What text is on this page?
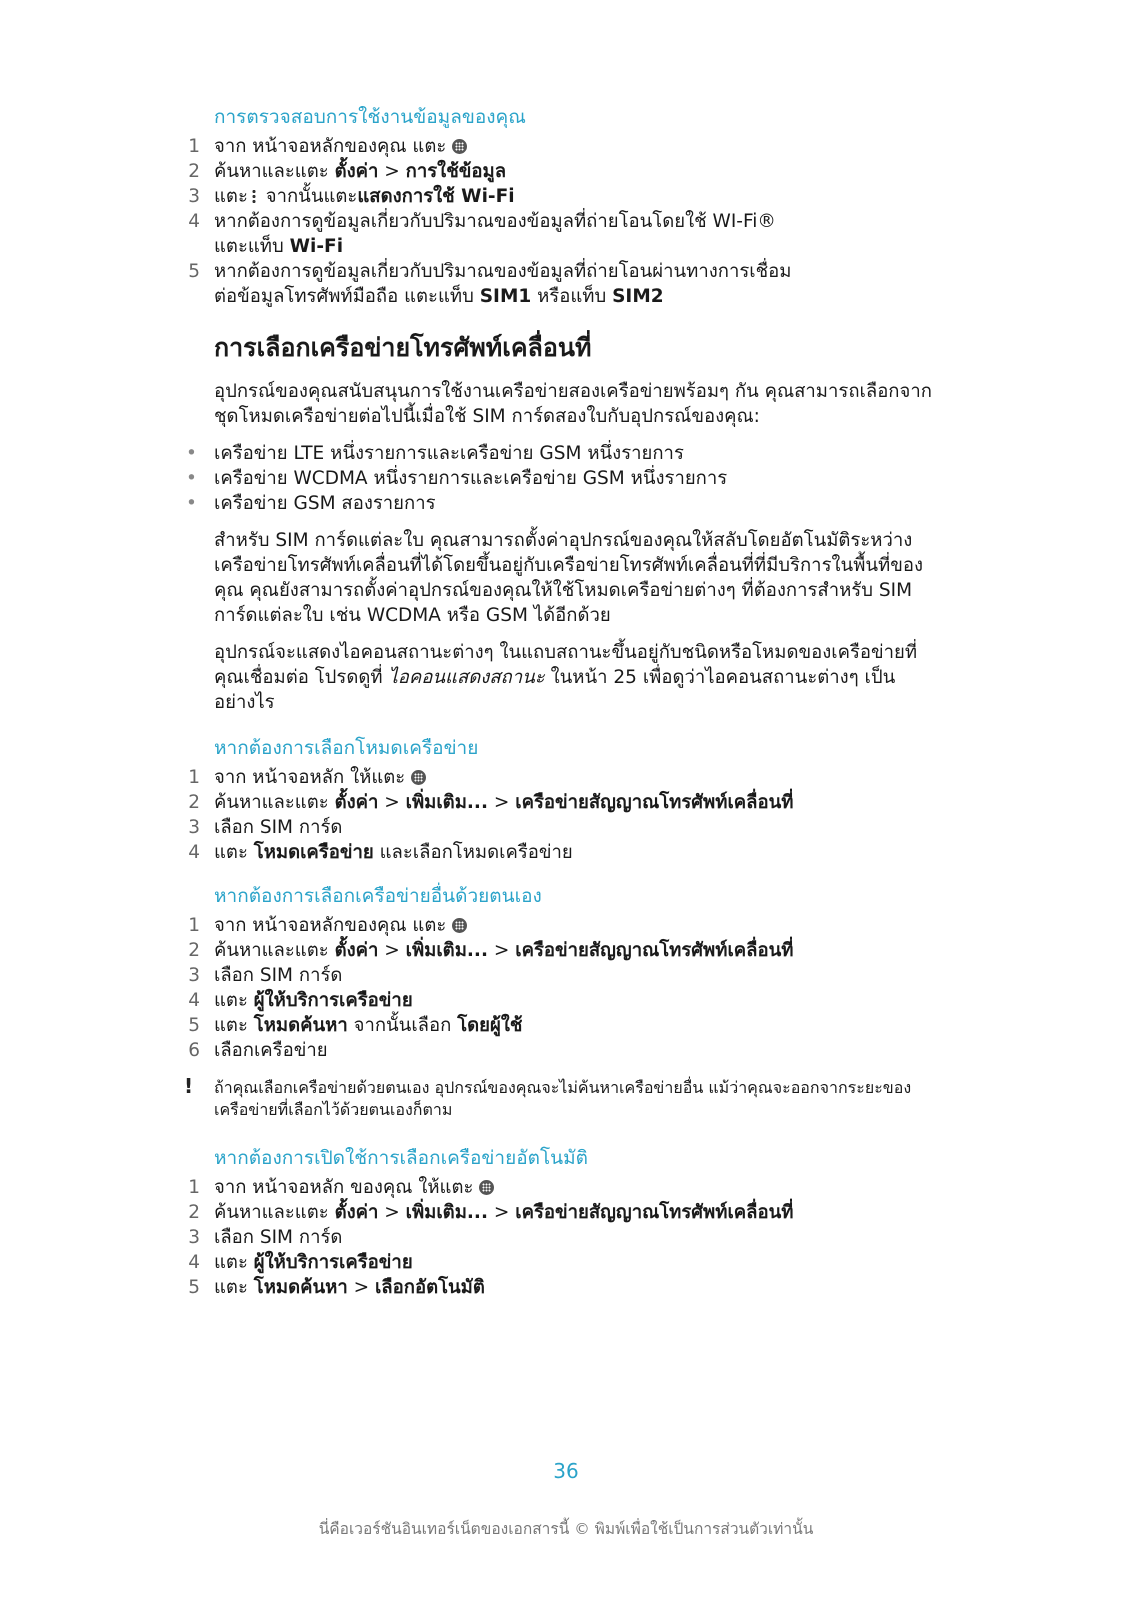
การตรวจสอบการใช้งานข้อมูลของคุณ
1 จาก หน้าจอหลักของคุณ แตะ
2 ค้นหาและแตะ ตั้งค่า > การใช้ข้อมูล
3 แตะ จากนั้นแตะแสดงการใช้ Wi-Fi
4 หากต้องการดูข้อมูลเกี่ยวกับปริมาณของข้อมูลที่ถ่ายโอนโดยใช้ WI-Fi®
แตะแท็บ Wi-Fi
5 หากต้องการดูข้อมูลเกี่ยวกับปริมาณของข้อมูลที่ถ่ายโอนผ่านทางการเชื่อม
ต่อข้อมูลโทรศัพท์มือถือ แตะแท็บ SIM1 หรือแท็บ SIM2
การเลือกเครือข่ายโทรศัพท์เคลื่อนที่

อุปกรณ์ของคุณสนับสนุนการใช้งานเครือข่ายสองเครือข่ายพร้อมๆ กัน คุณสามารถเลือกจากชุดโหมดเครือข่ายต่อไปนี้เมื่อใช้ SIM การ์ดสองใบกับอุปกรณ์ของคุณ:

• เครือข่าย LTE หนึ่งรายการและเครือข่าย GSM หนึ่งรายการ
• เครือข่าย WCDMA หนึ่งรายการและเครือข่าย GSM หนึ่งรายการ
• เครือข่าย GSM สองรายการ

สำหรับ SIM การ์ดแต่ละใบ คุณสามารถตั้งค่าอุปกรณ์ของคุณให้สลับโดยอัตโนมัติระหว่างเครือข่ายโทรศัพท์เคลื่อนที่ได้โดยขึ้นอยู่กับเครือข่ายโทรศัพท์เคลื่อนที่ที่มีบริการในพื้นที่ของคุณ คุณยังสามารถตั้งค่าอุปกรณ์ของคุณให้ใช้โหมดเครือข่ายต่างๆ ที่ต้องการสำหรับ SIM การ์ดแต่ละใบ เช่น WCDMA หรือ GSM ได้อีกด้วย

อุปกรณ์จะแสดงไอคอนสถานะต่างๆ ในแถบสถานะขึ้นอยู่กับชนิดหรือโหมดของเครือข่ายที่คุณเชื่อมต่อ โปรดดูที่ ไอคอนแสดงสถานะ ในหน้า 25 เพื่อดูว่าไอคอนสถานะต่างๆ เป็นอย่างไร

หากต้องการเลือกโหมดเครือข่าย
1 จาก หน้าจอหลัก ให้แตะ
2 ค้นหาและแตะ ตั้งค่า > เพิ่มเติม... > เครือข่ายสัญญาณโทรศัพท์เคลื่อนที่
3 เลือก SIM การ์ด
4 แตะ โหมดเครือข่าย และเลือกโหมดเครือข่าย
หากต้องการเลือกเครือข่ายอื่นด้วยตนเอง
1 จาก หน้าจอหลักของคุณ แตะ
2 ค้นหาและแตะ ตั้งค่า > เพิ่มเติม... > เครือข่ายสัญญาณโทรศัพท์เคลื่อนที่
3 เลือก SIM การ์ด
4 แตะ ผู้ให้บริการเครือข่าย
5 แตะ โหมดค้นหา จากนั้นเลือก โดยผู้ใช้
6 เลือกเครือข่าย
! ถ้าคุณเลือกเครือข่ายด้วยตนเอง อุปกรณ์ของคุณจะไม่ค้นหาเครือข่ายอื่น แม้ว่าคุณจะออกจากระยะของเครือข่ายที่เลือกไว้ด้วยตนเองก็ตาม
หากต้องการเปิดใช้การเลือกเครือข่ายอัตโนมัติ
1 จาก หน้าจอหลัก ของคุณ ให้แตะ
2 ค้นหาและแตะ ตั้งค่า > เพิ่มเติม... > เครือข่ายสัญญาณโทรศัพท์เคลื่อนที่
3 เลือก SIM การ์ด
4 แตะ ผู้ให้บริการเครือข่าย
5 แตะ โหมดค้นหา > เลือกอัตโนมัติ
36
นี่คือเวอร์ชันอินเทอร์เน็ตของเอกสารนี้ © พิมพ์เพื่อใช้เป็นการส่วนตัวเท่านั้น
